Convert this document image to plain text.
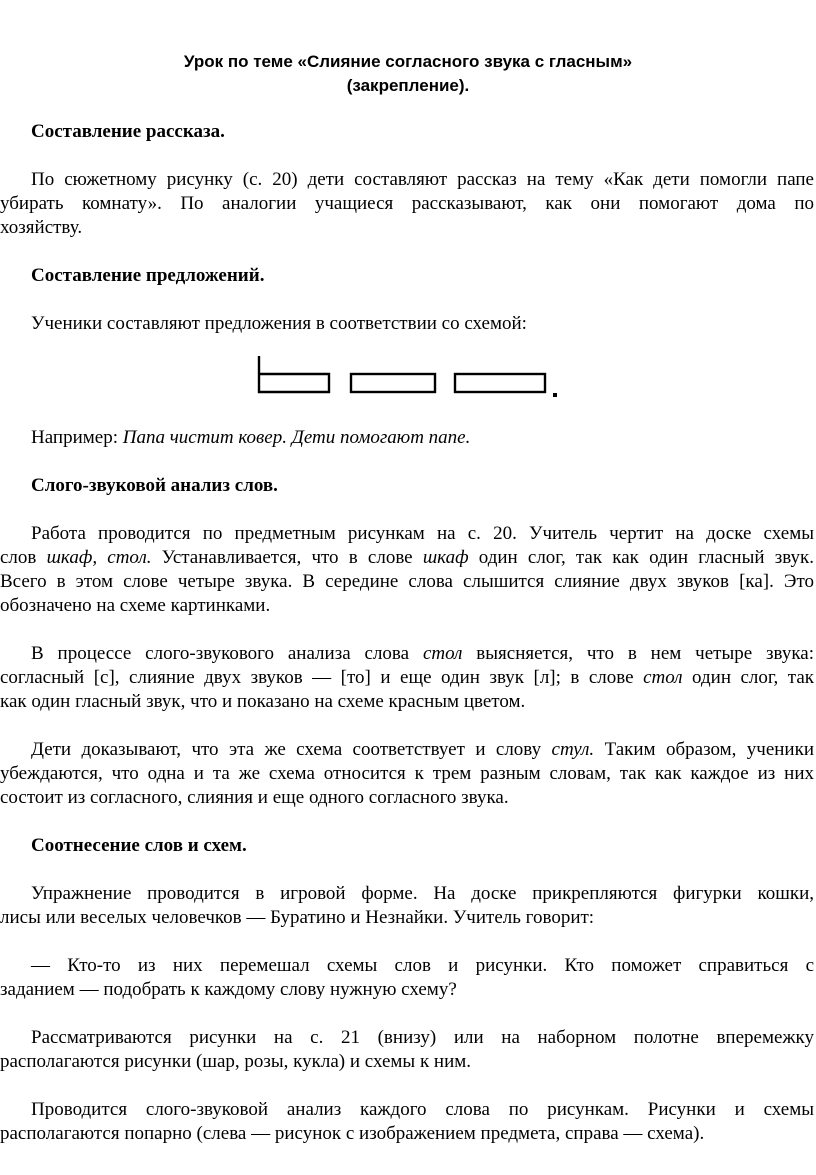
Урок по теме «Слияние согласного звука с гласным»
(закрепление).
Составление рассказа.
По сюжетному рисунку (с. 20) дети составляют рассказ на тему «Как дети помогли папе
убирать комнату». По аналогии учащиеся рассказывают, как они помогают дома по
хозяйству.
Составление предложений.
Ученики составляют предложения в соответствии со схемой:
Например: Папа чистит ковер. Дети помогают папе.
Слого-звуковой анализ слов.
Работа проводится по предметным рисункам на с. 20. Учитель чертит на доске схемы
слов шкаф, стол. Устанавливается, что в слове шкаф один слог, так как один гласный звук.
Всего в этом слове четыре звука. В середине слова слышится слияние двух звуков [ка]. Это
обозначено на схеме картинками.
В процессе слого-звукового анализа слова стол выясняется, что в нем четыре звука:
согласный [с], слияние двух звуков — [то] и еще один звук [л]; в слове стол один слог, так
как один гласный звук, что и показано на схеме красным цветом.
Дети доказывают, что эта же схема соответствует и слову стул. Таким образом, ученики
убеждаются, что одна и та же схема относится к трем разным словам, так как каждое из них
состоит из согласного, слияния и еще одного согласного звука.
Соотнесение слов и схем.
Упражнение проводится в игровой форме. На доске прикрепляются фигурки кошки,
лисы или веселых человечков — Буратино и Незнайки. Учитель говорит:
— Кто-то из них перемешал схемы слов и рисунки. Кто поможет справиться с
заданием — подобрать к каждому слову нужную схему?
Рассматриваются рисунки на с. 21 (внизу) или на наборном полотне вперемежку
располагаются рисунки (шар, розы, кукла) и схемы к ним.
Проводится слого-звуковой анализ каждого слова по рисункам. Рисунки и схемы
располагаются попарно (слева — рисунок с изображением предмета, справа — схема).
